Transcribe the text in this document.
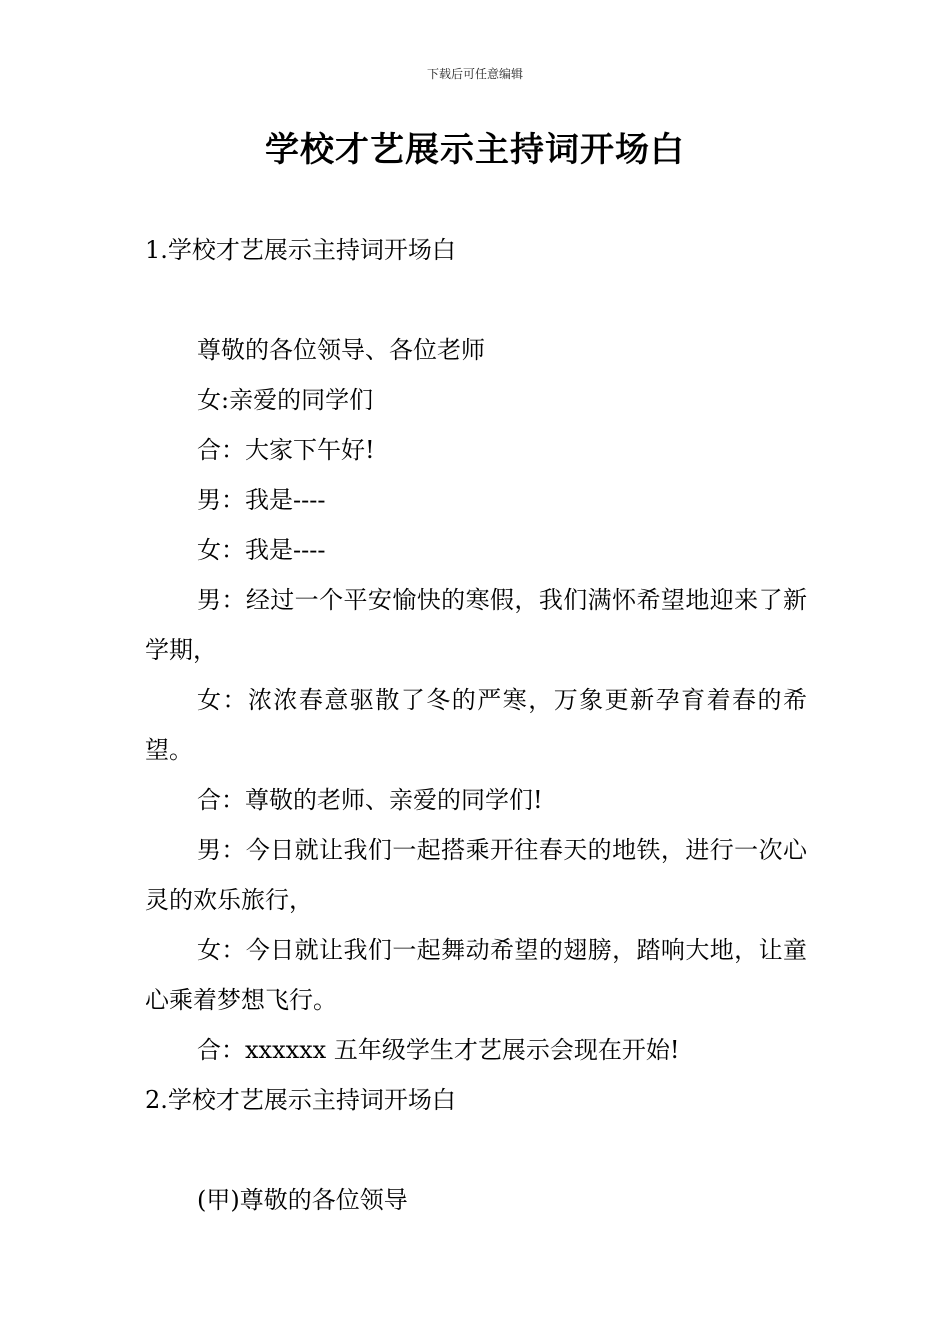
下载后可任意编辑
学校才艺展示主持词开场白
1.学校才艺展示主持词开场白
尊敬的各位领导、各位老师
女:亲爱的同学们
合：大家下午好!
男：我是----
女：我是----

男：经过一个平安愉快的寒假，我们满怀希望地迎来了新学期，

女：浓浓春意驱散了冬的严寒，万象更新孕育着春的希望。

合：尊敬的老师、亲爱的同学们!

男：今日就让我们一起搭乘开往春天的地铁，进行一次心灵的欢乐旅行，

女：今日就让我们一起舞动希望的翅膀，踏响大地，让童心乘着梦想飞行。

合：xxxxxx 五年级学生才艺展示会现在开始!

2.学校才艺展示主持词开场白
(甲)尊敬的各位领导
